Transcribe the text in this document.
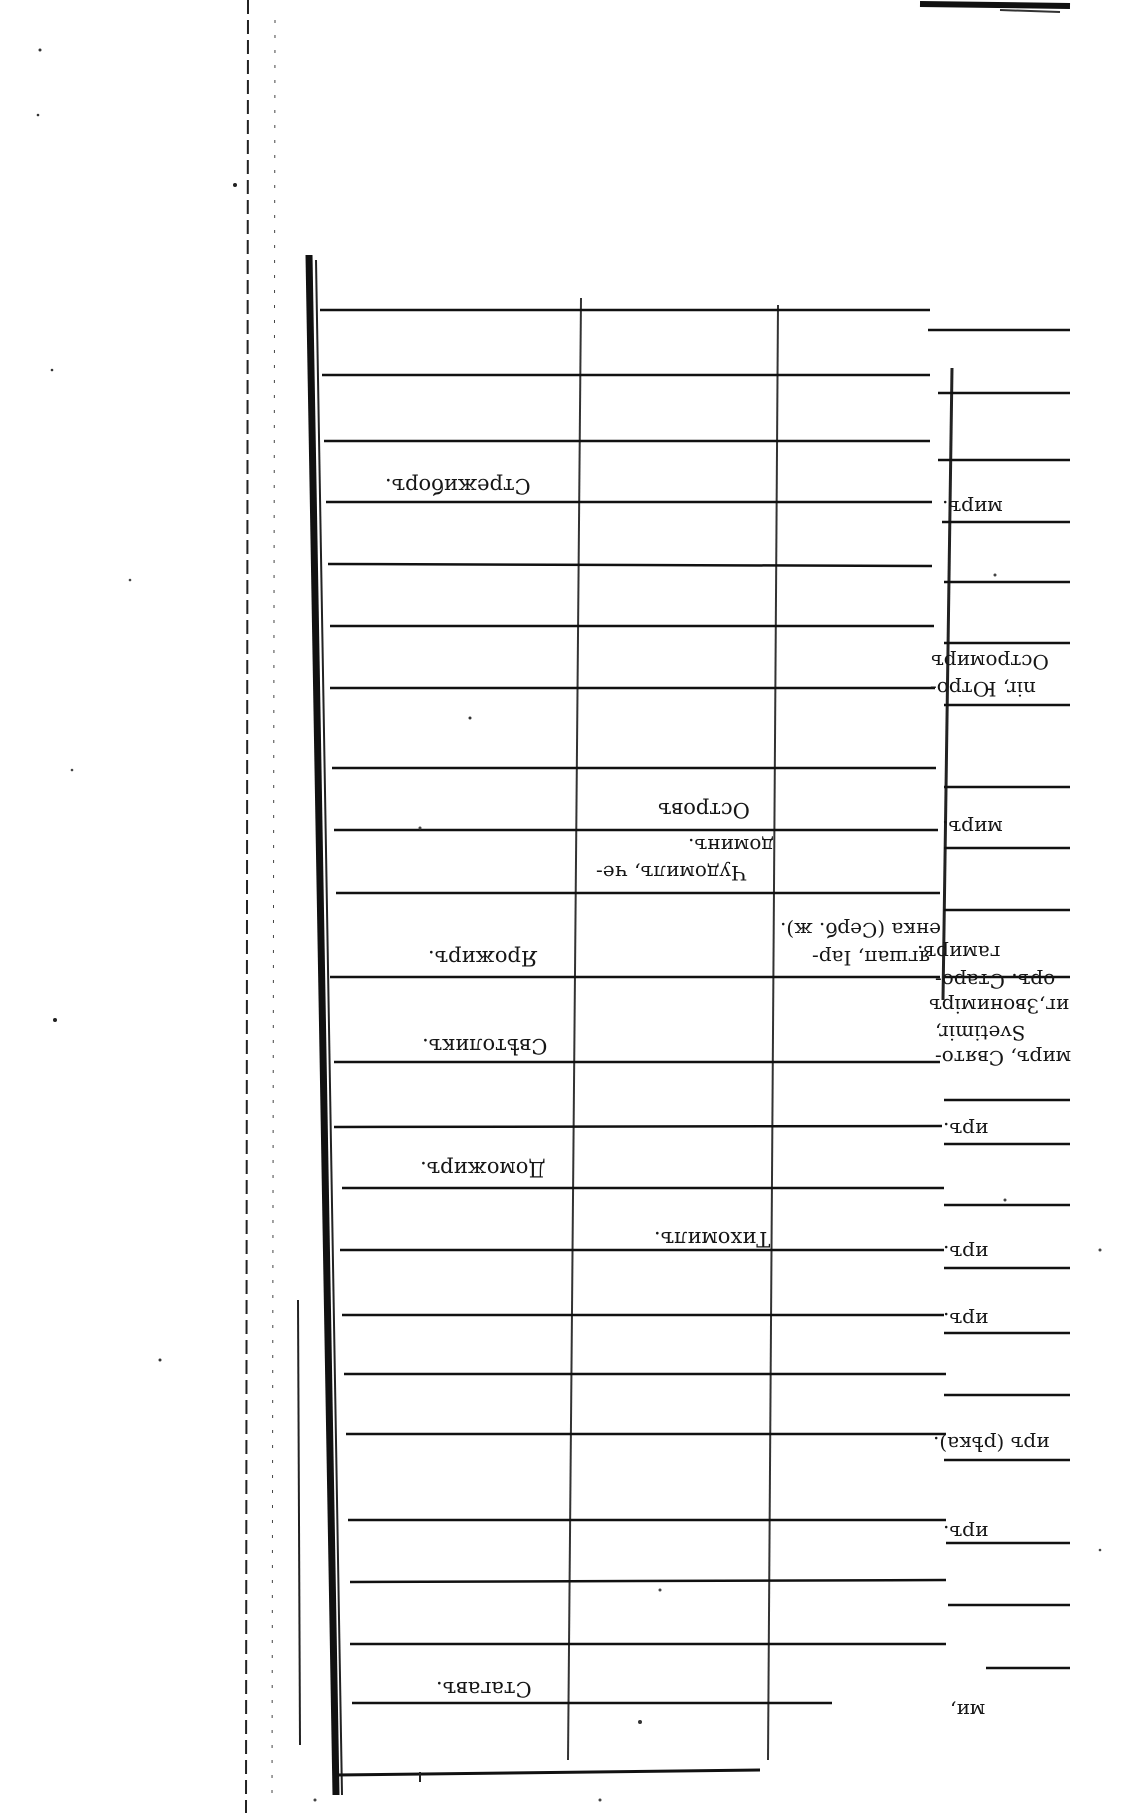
Стрежиборъ.
Ярожиръ.
Свѣтоликъ.
Доможиръ.
Стагавъ.
Островъ
Чудомилъ, че-
доминъ.
Тихомилъ.
енка (Серб. ж).
ягшап, Іар-
миръ.
nir, Ютро-
Остромиръ
миръ.
гамиръ.
оръ. Старо-
иг,Звониміръ
Svetimir,
миръ, Свято-
иръ.
иръ.
иръ.
иръ (рѣка).
иръ.
ми,
